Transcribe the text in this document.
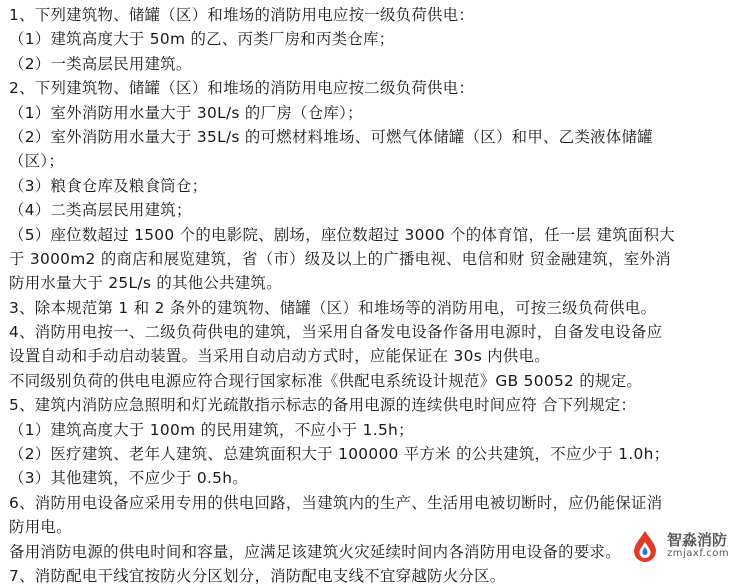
1、下列建筑物、储罐（区）和堆场的消防用电应按一级负荷供电：
（1）建筑高度大于 50m 的乙、丙类厂房和丙类仓库；
（2）一类高层民用建筑。
2、下列建筑物、储罐（区）和堆场的消防用电应按二级负荷供电：
（1）室外消防用水量大于 30L/s 的厂房（仓库）；
（2）室外消防用水量大于 35L/s 的可燃材料堆场、可燃气体储罐（区）和甲、乙类液体储罐
（区）；
（3）粮食仓库及粮食筒仓；
（4）二类高层民用建筑；
（5）座位数超过 1500 个的电影院、剧场，座位数超过 3000 个的体育馆，任一层 建筑面积大
于 3000m2 的商店和展览建筑，省（市）级及以上的广播电视、电信和财 贸金融建筑，室外消
防用水量大于 25L/s 的其他公共建筑。
3、除本规范第 1 和 2 条外的建筑物、储罐（区）和堆场等的消防用电，可按三级负荷供电。
4、消防用电按一、二级负荷供电的建筑，当采用自备发电设备作备用电源时，自备发电设备应
设置自动和手动启动装置。当采用自动启动方式时，应能保证在 30s 内供电。
不同级别负荷的供电电源应符合现行国家标准《供配电系统设计规范》GB 50052 的规定。
5、建筑内消防应急照明和灯光疏散指示标志的备用电源的连续供电时间应符 合下列规定：
（1）建筑高度大于 100m 的民用建筑，不应小于 1.5h；
（2）医疗建筑、老年人建筑、总建筑面积大于 100000 平方米 的公共建筑，不应少于 1.0h；
（3）其他建筑，不应少于 0.5h。
6、消防用电设备应采用专用的供电回路，当建筑内的生产、生活用电被切断时，应仍能保证消
防用电。
备用消防电源的供电时间和容量，应满足该建筑火灾延续时间内各消防用电设备的要求。
7、消防配电干线宜按防火分区划分，消防配电支线不宜穿越防火分区。
智淼消防
zmjaxf.com
